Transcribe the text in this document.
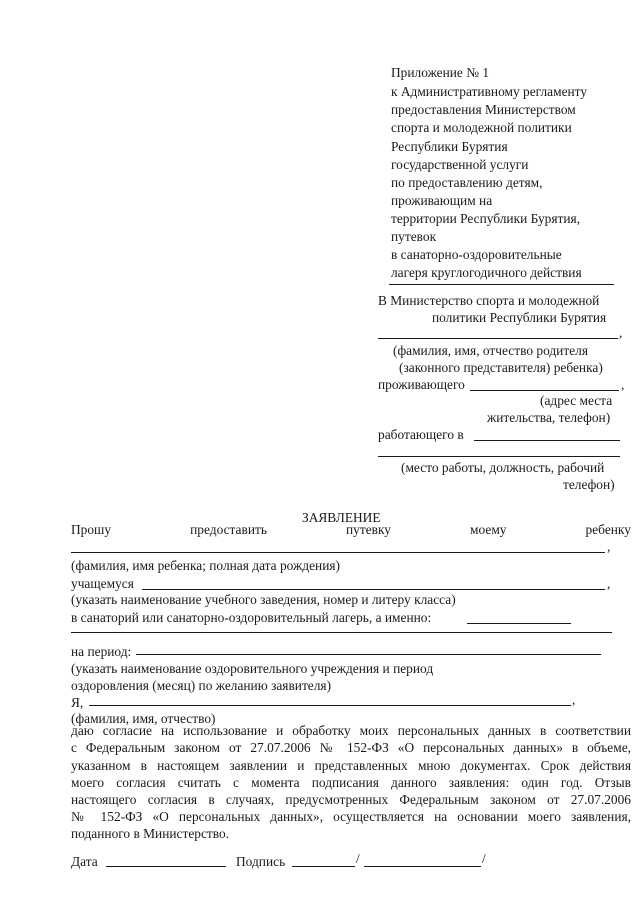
Приложение № 1
к Административному регламенту
предоставления Министерством
спорта и молодежной политики
Республики Бурятия
государственной услуги
по предоставлению детям,
проживающим на
территории Республики Бурятия,
путевок
в санаторно-оздоровительные
лагеря круглогодичного действия
В Министерство спорта и молодежной
политики Республики Бурятия
,
(фамилия, имя, отчество родителя
(законного представителя) ребенка)
проживающего	,
(адрес места
жительства, телефон)
работающего в
(место работы, должность, рабочий
телефон)
ЗАЯВЛЕНИЕ
Прошу	предоставить	путевку	моему	ребенку
,
(фамилия, имя ребенка; полная дата рождения)
учащемуся	,
(указать наименование учебного заведения, номер и литеру класса)
в санаторий или санаторно-оздоровительный лагерь, а именно:
на период:
(указать наименование оздоровительного учреждения и период
оздоровления (месяц) по желанию заявителя)
Я,	,
(фамилия, имя, отчество)
даю согласие на использование и обработку моих персональных данных в соответствии
с Федеральным законом от 27.07.2006 № 152-ФЗ «О персональных данных» в объеме,
указанном в настоящем заявлении и представленных мною документах. Срок действия
моего согласия считать с момента подписания данного заявления: один год. Отзыв
настоящего согласия в случаях, предусмотренных Федеральным законом от 27.07.2006
№ 152-ФЗ «О персональных данных», осуществляется на основании моего заявления,
поданного в Министерство.
Дата	Подпись	/	/
